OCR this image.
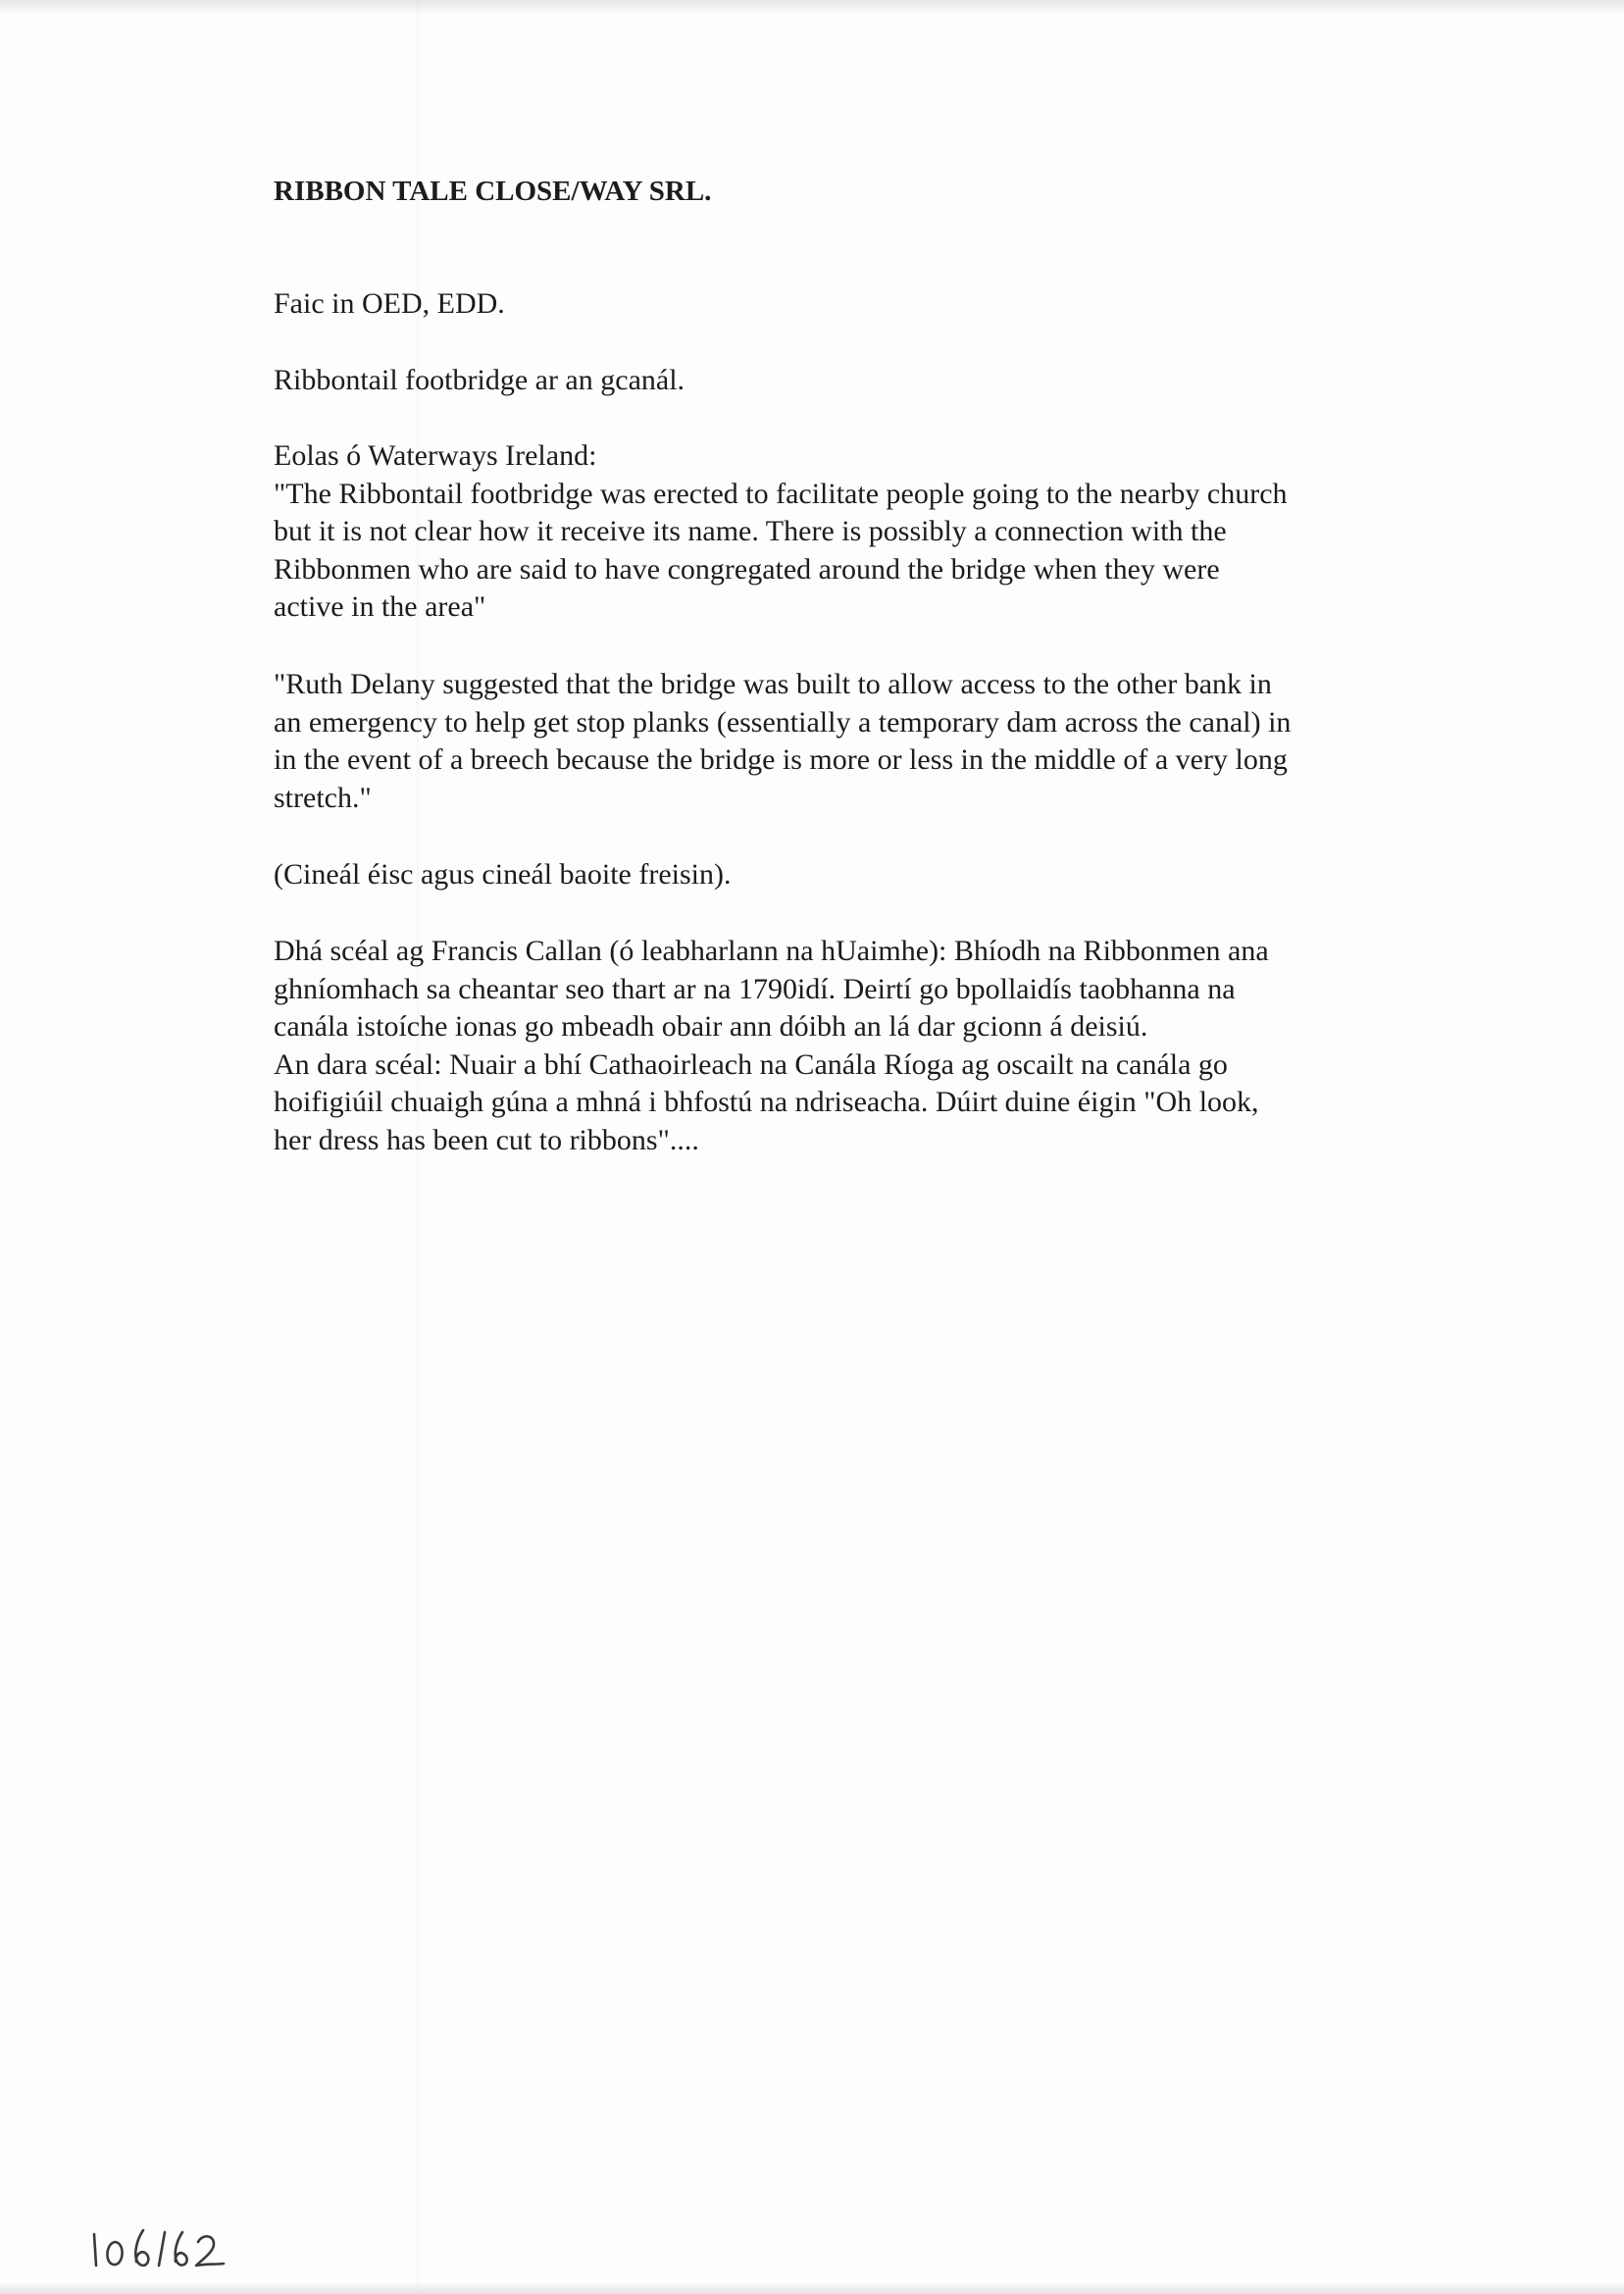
RIBBON TALE CLOSE/WAY SRL.

Faic in OED, EDD.

Ribbontail footbridge ar an gcanál.

Eolas ó Waterways Ireland:
"The Ribbontail footbridge was erected to facilitate people going to the nearby church
but it is not clear how it receive its name. There is possibly a connection with the
Ribbonmen who are said to have congregated around the bridge when they were
active in the area"

"Ruth Delany suggested that the bridge was built to allow access to the other bank in
an emergency to help get stop planks (essentially a temporary dam across the canal) in
in the event of a breech because the bridge is more or less in the middle of a very long
stretch."

(Cineál éisc agus cineál baoite freisin).

Dhá scéal ag Francis Callan (ó leabharlann na hUaimhe): Bhíodh na Ribbonmen ana
ghníomhach sa cheantar seo thart ar na 1790idí. Deirtí go bpollaidís taobhanna na
canála istoíche ionas go mbeadh obair ann dóibh an lá dar gcionn á deisiú.
An dara scéal: Nuair a bhí Cathaoirleach na Canála Ríoga ag oscailt na canála go
hoifigiúil chuaigh gúna a mhná i bhfostú na ndriseacha. Dúirt duine éigin "Oh look,
her dress has been cut to ribbons"....
